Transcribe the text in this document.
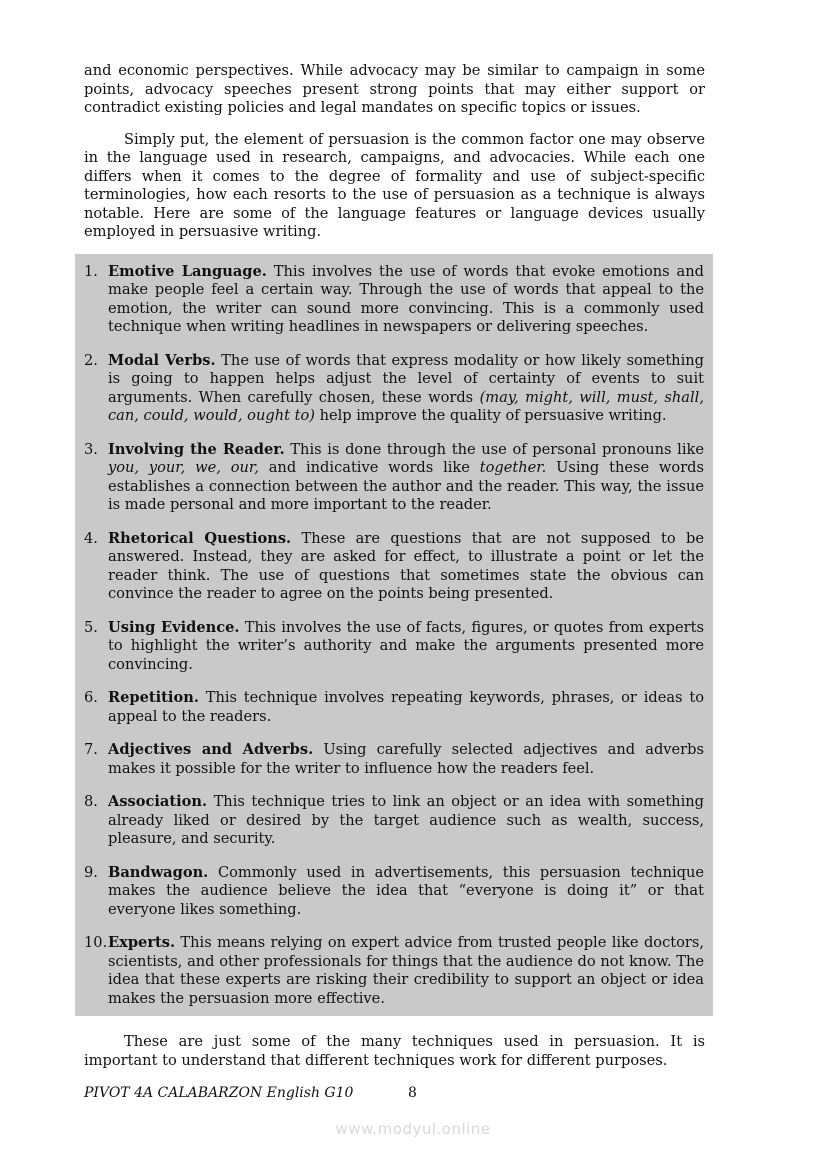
and economic perspectives. While advocacy may be similar to campaign in some points, advocacy speeches present strong points that may either support or contradict existing policies and legal mandates on specific topics or issues.

Simply put, the element of persuasion is the common factor one may observe in the language used in research, campaigns, and advocacies. While each one differs when it comes to the degree of formality and use of subject-specific terminologies, how each resorts to the use of persuasion as a technique is always notable. Here are some of the language features or language devices usually employed in persuasive writing.

1. Emotive Language. This involves the use of words that evoke emotions and make people feel a certain way. Through the use of words that appeal to the emotion, the writer can sound more convincing. This is a commonly used technique when writing headlines in newspapers or delivering speeches.
2. Modal Verbs. The use of words that express modality or how likely something is going to happen helps adjust the level of certainty of events to suit arguments. When carefully chosen, these words (may, might, will, must, shall, can, could, would, ought to) help improve the quality of persuasive writing.
3. Involving the Reader. This is done through the use of personal pronouns like you, your, we, our, and indicative words like together. Using these words establishes a connection between the author and the reader. This way, the issue is made personal and more important to the reader.
4. Rhetorical Questions. These are questions that are not supposed to be answered. Instead, they are asked for effect, to illustrate a point or let the reader think. The use of questions that sometimes state the obvious can convince the reader to agree on the points being presented.
5. Using Evidence. This involves the use of facts, figures, or quotes from experts to highlight the writer’s authority and make the arguments presented more convincing.
6. Repetition. This technique involves repeating keywords, phrases, or ideas to appeal to the readers.
7. Adjectives and Adverbs. Using carefully selected adjectives and adverbs makes it possible for the writer to influence how the readers feel.
8. Association. This technique tries to link an object or an idea with something already liked or desired by the target audience such as wealth, success, pleasure, and security.
9. Bandwagon. Commonly used in advertisements, this persuasion technique makes the audience believe the idea that “everyone is doing it” or that everyone likes something.
10. Experts. This means relying on expert advice from trusted people like doctors, scientists, and other professionals for things that the audience do not know. The idea that these experts are risking their credibility to support an object or idea makes the persuasion more effective.

These are just some of the many techniques used in persuasion. It is important to understand that different techniques work for different purposes.

PIVOT 4A CALABARZON English G10	8
www.modyul.online
